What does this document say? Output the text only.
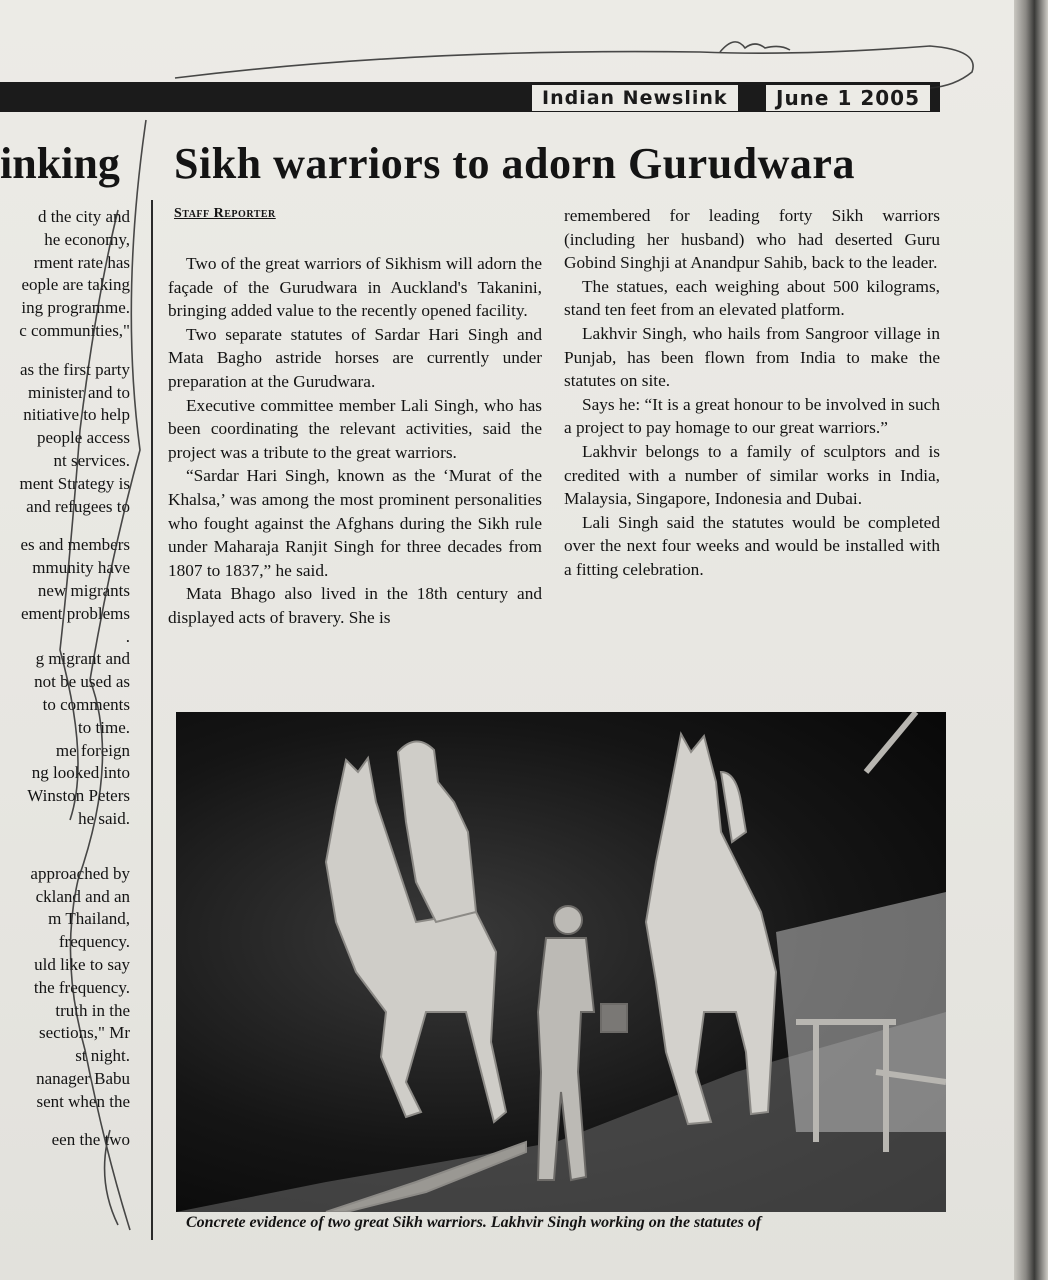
Indian Newslink	June 1 2005
inking
d the city and
he economy,
rment rate has
eople are taking
ing programme.
c communities,"
as the first party
minister and to
nitiative to help
people access
nt services.
ment Strategy is
and refugees to
es and members
mmunity have
new migrants
ement problems
.
g migrant and
not be used as
to comments
to time.
me foreign
ng looked into
Winston Peters
he said.
approached by
ckland and an
m Thailand,
frequency.
uld like to say
the frequency.
truth in the
sections," Mr
st night.
nanager Babu
sent when the
een the two
Sikh warriors to adorn Gurudwara
Staff Reporter

Two of the great warriors of Sikhism will adorn the façade of the Gurudwara in Auckland's Takanini, bringing added value to the recently opened facility.

Two separate statutes of Sardar Hari Singh and Mata Bagho astride horses are currently under preparation at the Gurudwara.

Executive committee member Lali Singh, who has been coordinating the relevant activities, said the project was a tribute to the great warriors.

“Sardar Hari Singh, known as the ‘Murat of the Khalsa,’ was among the most prominent personalities who fought against the Afghans during the Sikh rule under Maharaja Ranjit Singh for three decades from 1807 to 1837,” he said.

Mata Bhago also lived in the 18th century and displayed acts of bravery. She is

remembered for leading forty Sikh warriors (including her husband) who had deserted Guru Gobind Singhji at Anandpur Sahib, back to the leader.

The statues, each weighing about 500 kilograms, stand ten feet from an elevated platform.

Lakhvir Singh, who hails from Sangroor village in Punjab, has been flown from India to make the statutes on site.

Says he: “It is a great honour to be involved in such a project to pay homage to our great warriors.”

Lakhvir belongs to a family of sculptors and is credited with a number of similar works in India, Malaysia, Singapore, Indonesia and Dubai.

Lali Singh said the statutes would be completed over the next four weeks and would be installed with a fitting celebration.

Concrete evidence of two great Sikh warriors. Lakhvir Singh working on the statutes of
